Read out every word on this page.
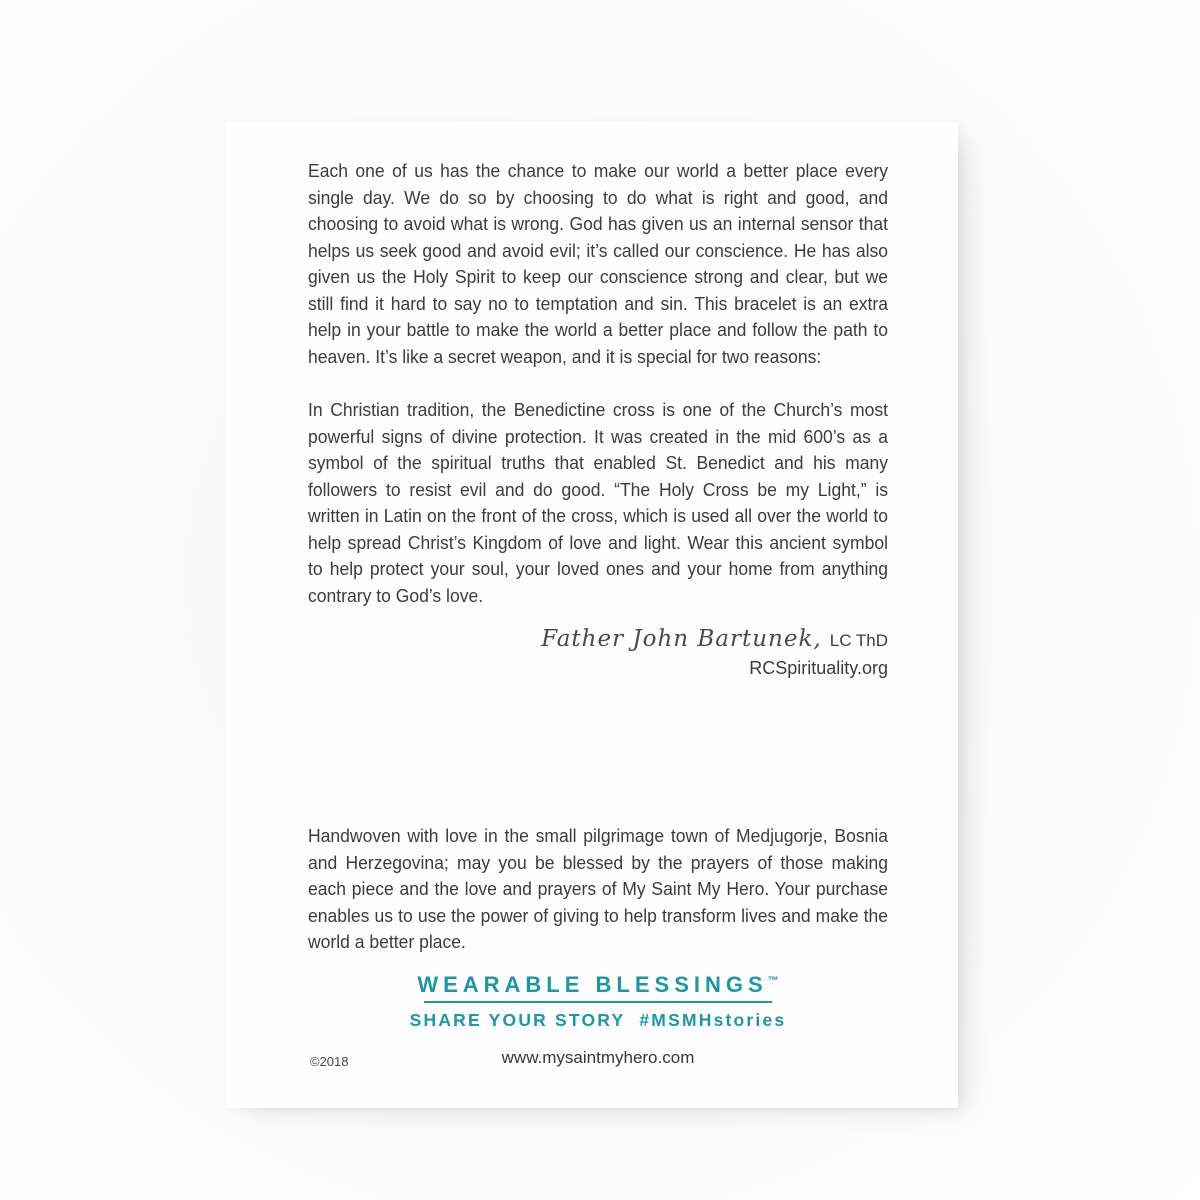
Each one of us has the chance to make our world a better place every single day. We do so by choosing to do what is right and good, and choosing to avoid what is wrong. God has given us an internal sensor that helps us seek good and avoid evil; it’s called our conscience. He has also given us the Holy Spirit to keep our conscience strong and clear, but we still find it hard to say no to temptation and sin. This bracelet is an extra help in your battle to make the world a better place and follow the path to heaven. It’s like a secret weapon, and it is special for two reasons:

In Christian tradition, the Benedictine cross is one of the Church’s most powerful signs of divine protection. It was created in the mid 600’s as a symbol of the spiritual truths that enabled St. Benedict and his many followers to resist evil and do good. “The Holy Cross be my Light,” is written in Latin on the front of the cross, which is used all over the world to help spread Christ’s Kingdom of love and light. Wear this ancient symbol to help protect your soul, your loved ones and your home from anything contrary to God’s love.

Father John Bartunek, LC ThD
RCSpirituality.org

Handwoven with love in the small pilgrimage town of Medjugorje, Bosnia and Herzegovina; may you be blessed by the prayers of those making each piece and the love and prayers of My Saint My Hero. Your purchase enables us to use the power of giving to help transform lives and make the world a better place.

WEARABLE BLESSINGS™
SHARE YOUR STORY #MSMHstories
©2018	www.mysaintmyhero.com
